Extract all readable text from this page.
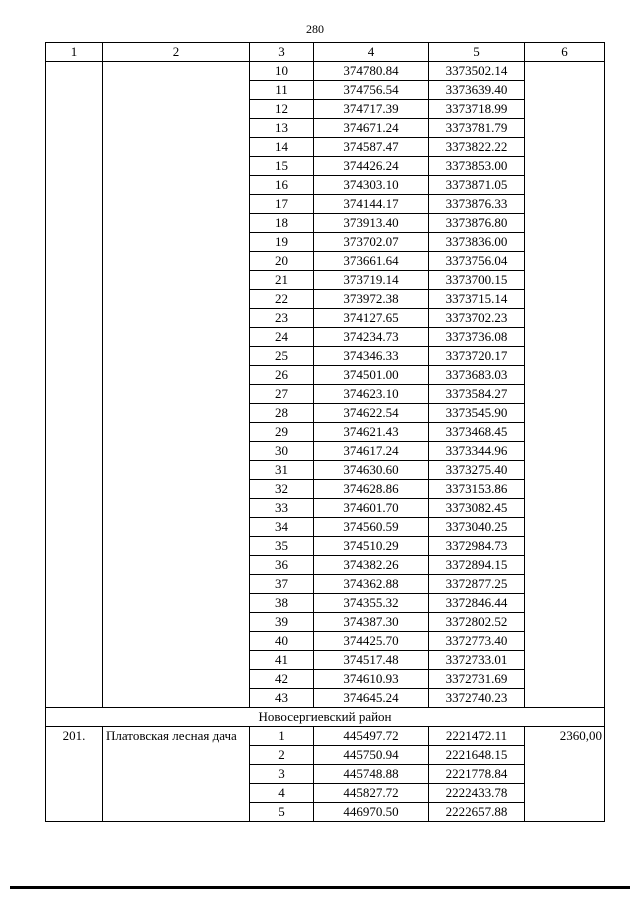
280
1	2	3	4	5	6
		10	374780.84	3373502.14	
		11	374756.54	3373639.40	
		12	374717.39	3373718.99	
		13	374671.24	3373781.79	
		14	374587.47	3373822.22	
		15	374426.24	3373853.00	
		16	374303.10	3373871.05	
		17	374144.17	3373876.33	
		18	373913.40	3373876.80	
		19	373702.07	3373836.00	
		20	373661.64	3373756.04	
		21	373719.14	3373700.15	
		22	373972.38	3373715.14	
		23	374127.65	3373702.23	
		24	374234.73	3373736.08	
		25	374346.33	3373720.17	
		26	374501.00	3373683.03	
		27	374623.10	3373584.27	
		28	374622.54	3373545.90	
		29	374621.43	3373468.45	
		30	374617.24	3373344.96	
		31	374630.60	3373275.40	
		32	374628.86	3373153.86	
		33	374601.70	3373082.45	
		34	374560.59	3373040.25	
		35	374510.29	3372984.73	
		36	374382.26	3372894.15	
		37	374362.88	3372877.25	
		38	374355.32	3372846.44	
		39	374387.30	3372802.52	
		40	374425.70	3372773.40	
		41	374517.48	3372733.01	
		42	374610.93	3372731.69	
		43	374645.24	3372740.23	
Новосергиевский район					
201.	Платовская лесная дача	1	445497.72	2221472.11	2360,00
		2	445750.94	2221648.15	
		3	445748.88	2221778.84	
		4	445827.72	2222433.78	
		5	446970.50	2222657.88	
